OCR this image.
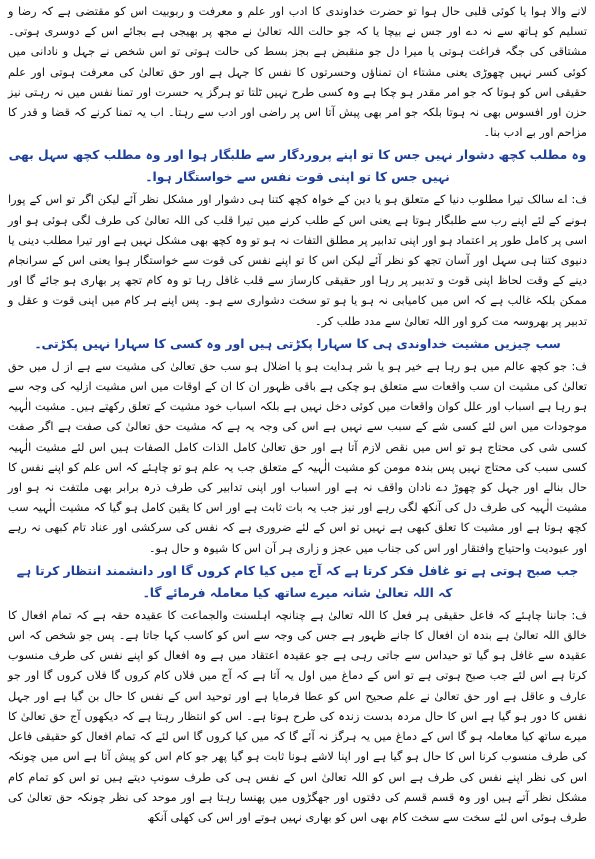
لانے والا ہوا یا کوئی قلبی حال ہوا تو حضرت خداوندی کا ادب اور علم و معرفت و ربوبیت اس کو مقتضی ہے کہ رضا و تسلیم کو ہاتھ سے نہ دے اور جس نے بیچا یا کہ جو حالت اللہ تعالیٰ نے مجھ پر بھیجی ہے بجائے اس کے دوسری ہوتی۔ مشتاقی کی جگہ فراغت ہوتی یا میرا دل جو منقبض ہے بجز بسط کی حالت ہوتی تو اس شخص نے جہل و نادانی میں کوئی کسر نہیں چھوڑی یعنی مشتاء ان تمناؤں وحسرتوں کا نفس کا جہل ہے اور حق تعالیٰ کی معرفت ہوتی اور علم حقیقی اس کو ہوتا کہ جو امر مقدر ہو چکا ہے وہ کسی طرح نہیں ٹلتا تو ہرگز یہ حسرت اور تمنا نفس میں نہ رہتی نیز حزن اور افسوس بھی نہ ہوتا بلکہ جو امر بھی پیش آتا اس پر راضی اور ادب سے رہتا۔ اب یہ تمنا کرنے کہ قضا و قدر کا مزاحم اور بے ادب بنا۔

وہ مطلب کچھ دشوار نہیں جس کا تو اپنے پروردگار سے طلبگار ہوا اور وہ مطلب کچھ سہل بھی نہیں جس کا تو اپنی قوت نفس سے خواستگار ہوا۔

ف: اے سالک تیرا مطلوب دنیا کے متعلق ہو یا دین کے خواہ کچھ کتنا ہی دشوار اور مشکل نظر آئے لیکن اگر تو اس کے پورا ہونے کے لئے اپنے رب سے طلبگار ہوتا ہے یعنی اس کے طلب کرنے میں تیرا قلب کی اللہ تعالیٰ کی طرف لگی ہوئی ہو اور اسی پر کامل طور پر اعتماد ہو اور اپنی تدابیر پر مطلق التفات نہ ہو تو وہ کچھ بھی مشکل نہیں ہے اور تیرا مطلب دینی یا دنیوی کتنا ہی سہل اور آسان تجھ کو نظر آئے لیکن اس کا تو اپنے نفس کی قوت سے خواستگار ہوا یعنی اس کے سرانجام دینے کے وقت لحاظ اپنی قوت و تدبیر پر رہا اور حقیقی کارساز سے قلب غافل رہا تو وہ کام تجھ پر بھاری ہو جائے گا اور ممکن بلکہ غالب ہے کہ اس میں کامیابی نہ ہو یا ہو تو سخت دشواری سے ہو۔ پس اپنے ہر کام میں اپنی قوت و عقل و تدبیر پر بھروسہ مت کرو اور اللہ تعالیٰ سے مدد طلب کر۔

سب چیزیں مشیت خداوندی ہی کا سہارا پکڑتی ہیں اور وہ کسی کا سہارا نہیں پکڑتی۔

ف: جو کچھ عالم میں ہو رہا ہے خیر ہو یا شر ہدایت ہو یا اضلال ہو سب حق تعالیٰ کی مشیت سے ہے از ل میں حق تعالیٰ کی مشیت ان سب واقعات سے متعلق ہو چکی ہے باقی ظہور ان کا ان کے اوقات میں اس مشیت ازلیہ کی وجہ سے ہو رہا ہے اسباب اور علل کوان واقعات میں کوئی دخل نہیں ہے بلکہ اسباب خود مشیت کے تعلق رکھتے ہیں۔ مشیت الٰہیہ موجودات میں اس لئے کسی شے کے سبب سے نہیں ہے اس کی وجہ یہ ہے کہ مشیت حق تعالیٰ کی صفت ہے اگر صفت کسی شی کی محتاج ہو تو اس میں نقص لازم آتا ہے اور حق تعالیٰ کامل الذات کامل الصفات ہیں اس لئے مشیت الٰہیہ کسی سبب کی محتاج نہیں پس بندہ مومن کو مشیت الٰہیہ کے متعلق جب یہ علم ہو تو چاہئے کہ اس علم کو اپنے نفس کا حال بنالے اور جہل کو چھوڑ دے نادان واقف نہ ہے اور اسباب اور اپنی تدابیر کی طرف ذرہ برابر بھی ملتفت نہ ہو اور مشیت الٰہیہ کی طرف دل کی آنکھ لگی رہے اور نیز جب یہ بات ثابت ہے اور اس کا یقین کامل ہو گیا کہ مشیت الٰہیہ سب کچھ ہوتا ہے اور مشیت کا تعلق کبھی ہے نہیں تو اس کے لئے ضروری ہے کہ نفس کی سرکشی اور عناد تام کبھی نہ رہے اور عبودیت واحتیاج وافتقار اور اس کی جناب میں عجز و زاری ہر آن اس کا شیوہ و حال ہو۔

جب صبح ہوتی ہے تو غافل فکر کرتا ہے کہ آج میں کیا کام کروں گا اور دانشمند انتظار کرتا ہے کہ اللہ تعالیٰ شانہ میرے ساتھ کیا معاملہ فرمائے گا۔

ف: جاننا چاہئے کہ فاعل حقیقی ہر فعل کا اللہ تعالیٰ ہے چنانچہ اہلسنت والجماعت کا عقیدہ حقہ ہے کہ تمام افعال کا خالق اللہ تعالیٰ ہے بندہ ان افعال کا جانے ظہور ہے جس کی وجہ سے اس کو کاسب کہا جاتا ہے۔ پس جو شخص کہ اس عقیدہ سے غافل ہو گیا تو حیداس سے جاتی رہی ہے جو عقیدہ اعتقاد میں ہے وہ افعال کو اپنے نفس کی طرف منسوب کرتا ہے اس لئے جب صبح ہوتی ہے تو اس کے دماغ میں اول یہ آتا ہے کہ آج میں فلاں کام کروں گا فلاں کروں گا اور جو عارف و عاقل ہے اور حق تعالیٰ نے علم صحیح اس کو عطا فرمایا ہے اور توحید اس کے نفس کا حال بن گیا ہے اور جہل نفس کا دور ہو گیا ہے اس کا حال مردہ بدست زندہ کی طرح ہوتا ہے۔ اس کو انتظار رہتا ہے کہ دیکھوں آج حق تعالیٰ کا میرے ساتھ کیا معاملہ ہو گا اس کے دماغ میں یہ ہرگز نہ آئے گا کہ میں کیا کروں گا اس لئے کہ تمام افعال کو حقیقی فاعل کی طرف منسوب کرنا اس کا حال ہو گیا ہے اور اپنا لاشے ہونا ثابت ہو گیا پھر جو کام اس کو پیش آتا ہے اس میں چونکہ اس کی نظر اپنے نفس کی طرف ہے اس کو اللہ تعالیٰ اس کے نفس ہی کی طرف سونپ دیتے ہیں تو اس کو تمام کام مشکل نظر آتے ہیں اور وہ قسم قسم کی دقتوں اور جھگڑوں میں پھنسا رہتا ہے اور موحد کی نظر چونکہ حق تعالیٰ کی طرف ہوئی اس لئے سخت سے سخت کام بھی اس کو بھاری نہیں ہوتے اور اس کی کھلی آنکھ
